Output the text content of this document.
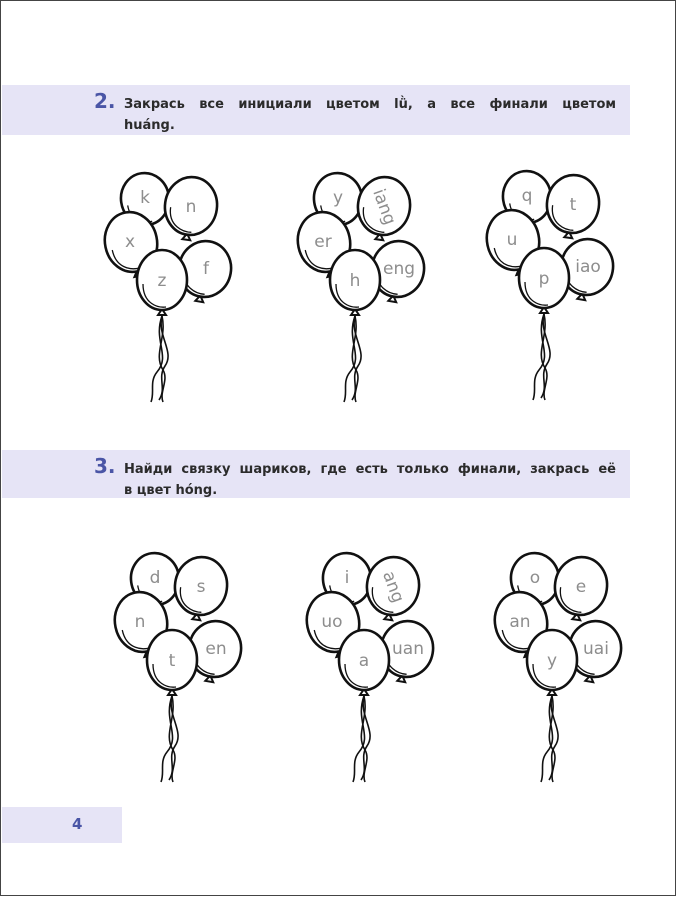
2. Закрась все инициали цветом lǜ, а все финали цветом
huáng.
k n
x
f
z
y iang
er
eng
h
q t
u
iao
p
3. Найди связку шариков, где есть только финали, закрась её
в цвет hóng.
d s
n
en
t
i ang
uo
uan
a
o e
an
uai
y
4
